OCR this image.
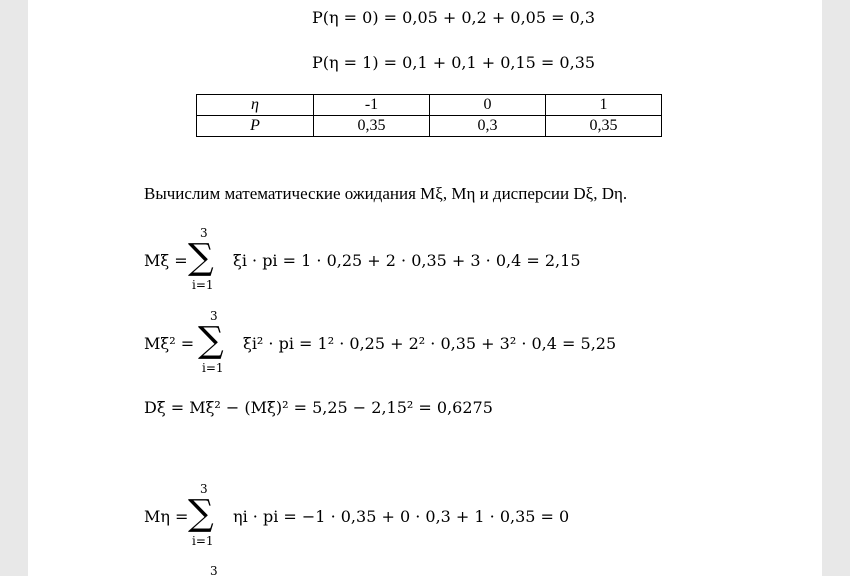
P(η = 0) = 0,05 + 0,2 + 0,05 = 0,3
P(η = 1) = 0,1 + 0,1 + 0,15 = 0,35
η	-1	0	1
P	0,35	0,3	0,35
Вычислим математические ожидания Mξ, Mη и дисперсии Dξ, Dη.
Mξ =
3
∑
i=1
ξi · pi = 1 · 0,25 + 2 · 0,35 + 3 · 0,4 = 2,15
Mξ² =
3
∑
i=1
ξi² · pi = 1² · 0,25 + 2² · 0,35 + 3² · 0,4 = 5,25
Dξ = Mξ² − (Mξ)² = 5,25 − 2,15² = 0,6275
Mη =
3
∑
i=1
ηi · pi = −1 · 0,35 + 0 · 0,3 + 1 · 0,35 = 0
3
